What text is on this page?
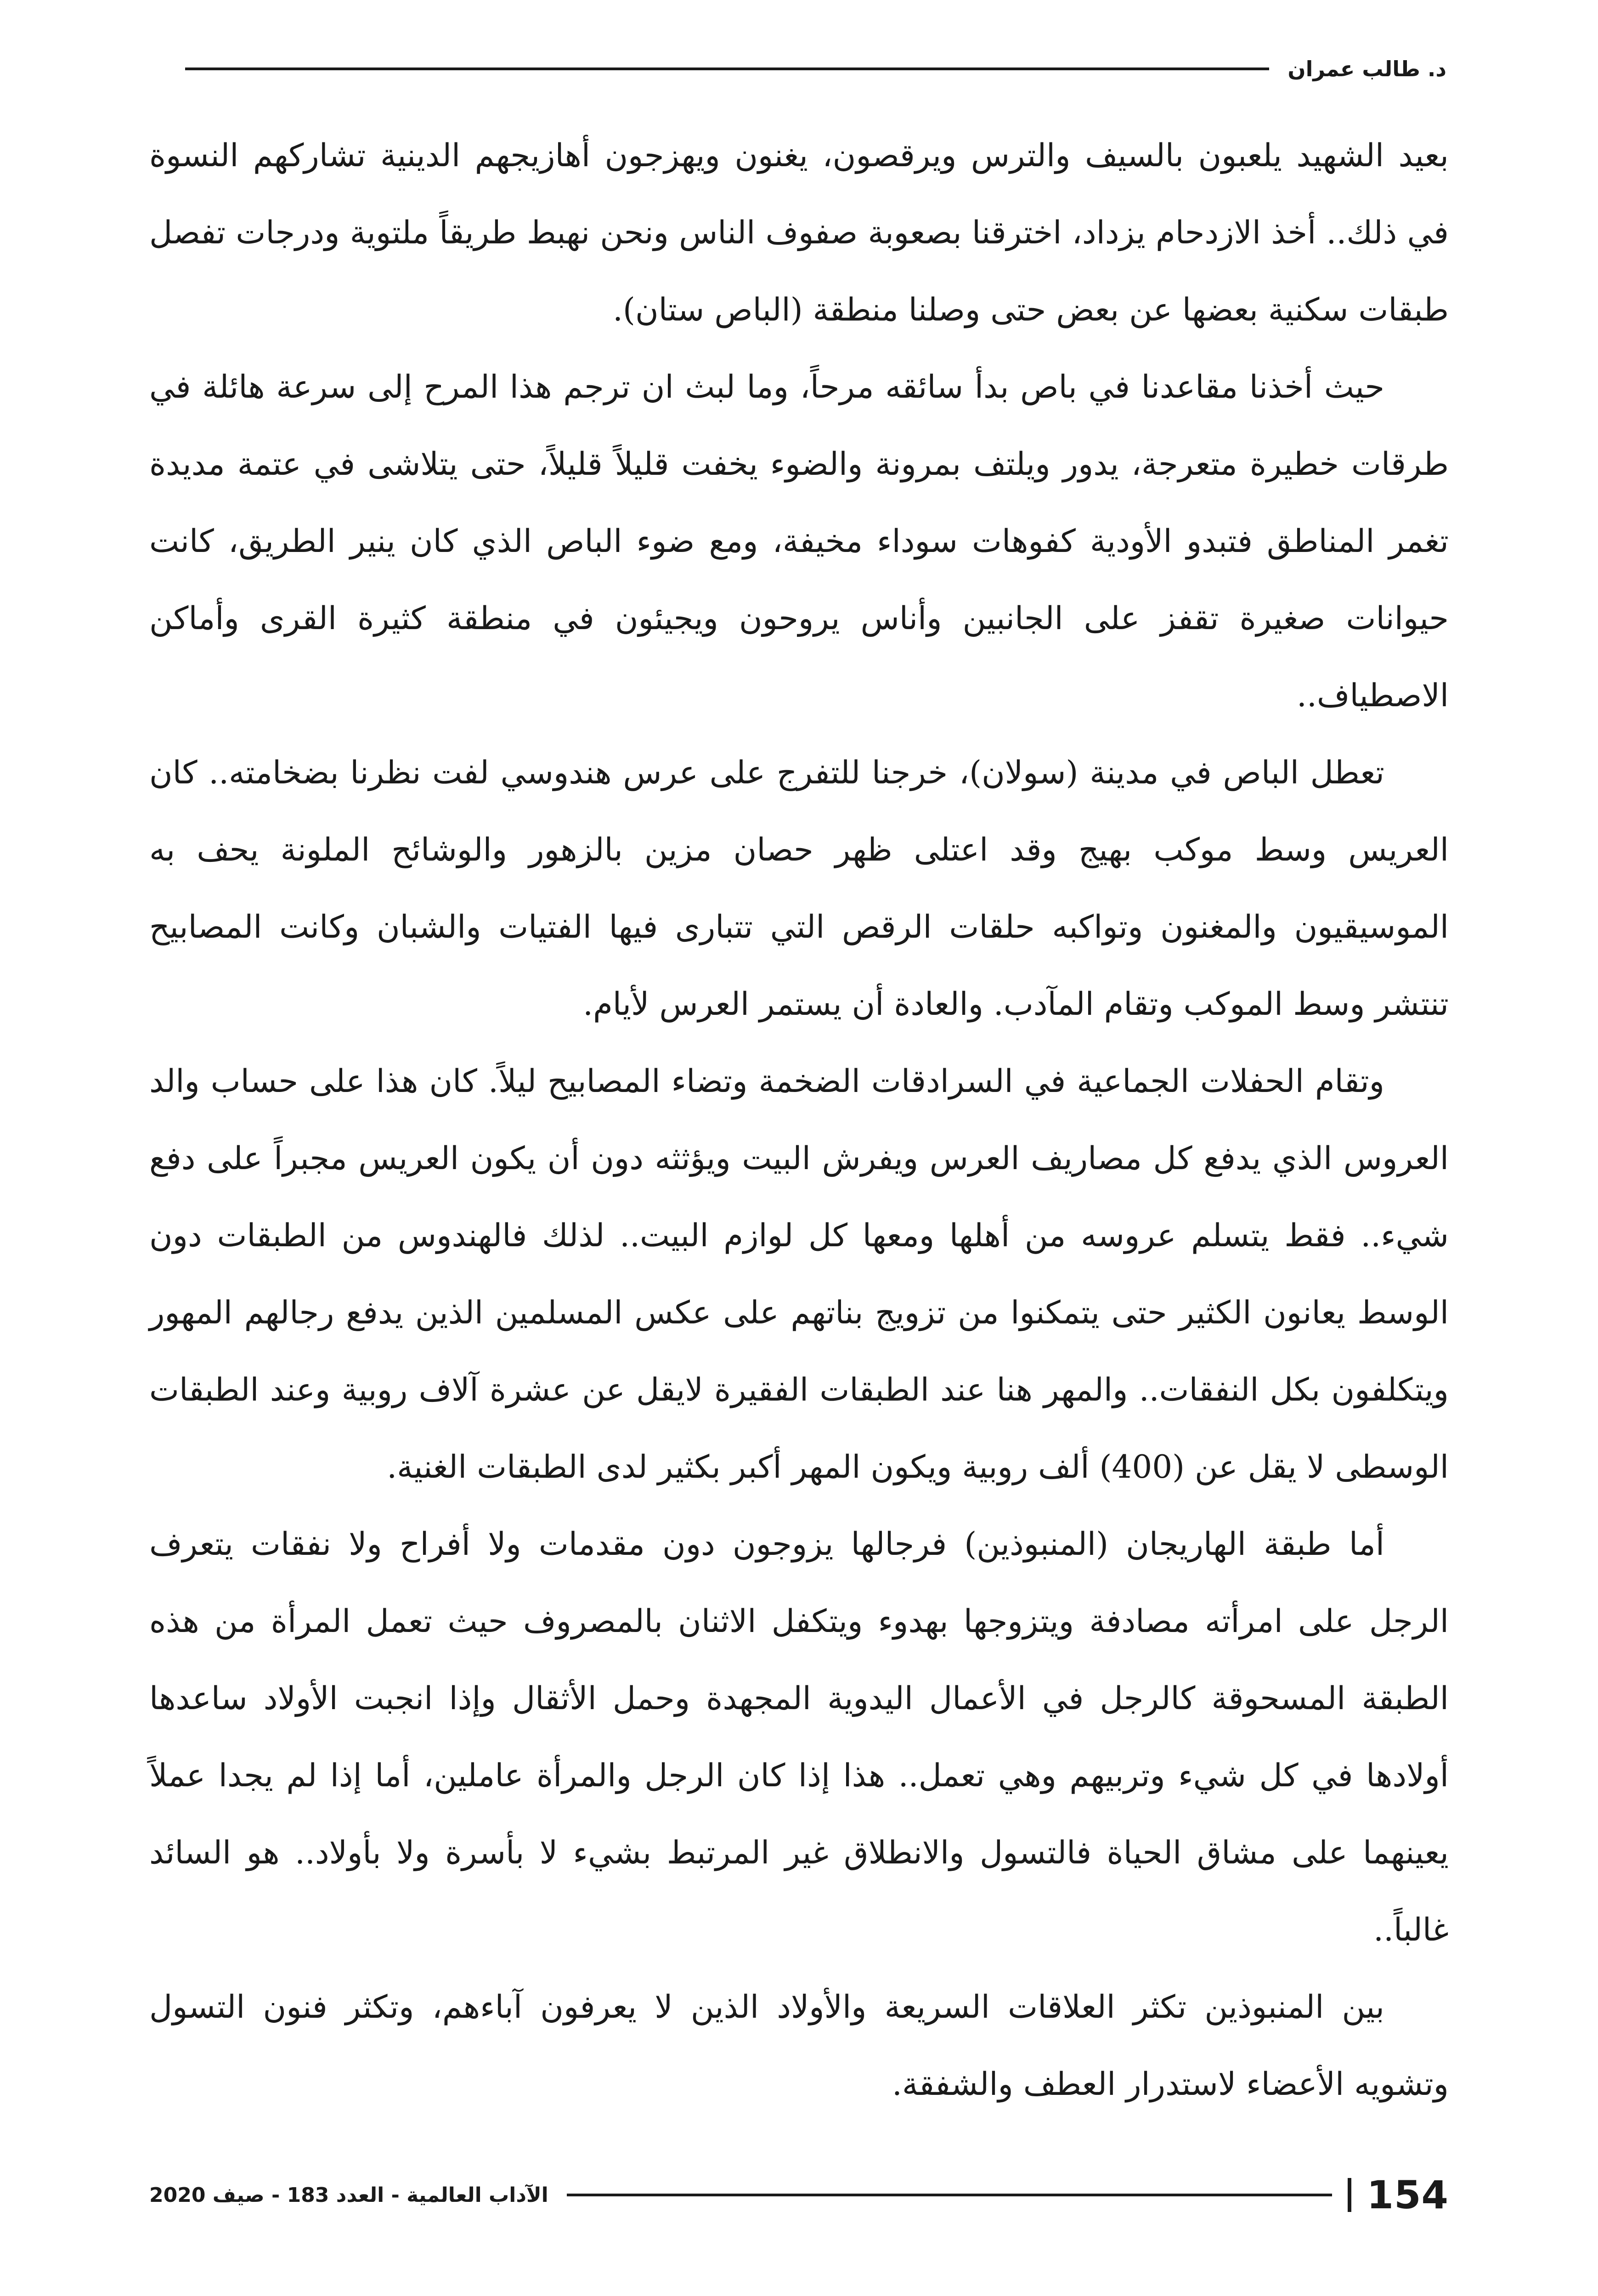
د. طالب عمران

بعيد الشهيد يلعبون بالسيف والترس ويرقصون، يغنون ويهزجون أهازيجهم الدينية تشاركهم النسوة في ذلك.. أخذ الازدحام يزداد، اخترقنا بصعوبة صفوف الناس ونحن نهبط طريقاً ملتوية ودرجات تفصل طبقات سكنية بعضها عن بعض حتى وصلنا منطقة (الباص ستان).

حيث أخذنا مقاعدنا في باص بدأ سائقه مرحاً، وما لبث ان ترجم هذا المرح إلى سرعة هائلة في طرقات خطيرة متعرجة، يدور ويلتف بمرونة والضوء يخفت قليلاً قليلاً، حتى يتلاشى في عتمة مديدة تغمر المناطق فتبدو الأودية كفوهات سوداء مخيفة، ومع ضوء الباص الذي كان ينير الطريق، كانت حيوانات صغيرة تقفز على الجانبين وأناس يروحون ويجيئون في منطقة كثيرة القرى وأماكن الاصطياف..

تعطل الباص في مدينة (سولان)، خرجنا للتفرج على عرس هندوسي لفت نظرنا بضخامته.. كان العريس وسط موكب بهيج وقد اعتلى ظهر حصان مزين بالزهور والوشائح الملونة يحف به الموسيقيون والمغنون وتواكبه حلقات الرقص التي تتبارى فيها الفتيات والشبان وكانت المصابيح تنتشر وسط الموكب وتقام المآدب. والعادة أن يستمر العرس لأيام.

وتقام الحفلات الجماعية في السرادقات الضخمة وتضاء المصابيح ليلاً. كان هذا على حساب والد العروس الذي يدفع كل مصاريف العرس ويفرش البيت ويؤثثه دون أن يكون العريس مجبراً على دفع شيء.. فقط يتسلم عروسه من أهلها ومعها كل لوازم البيت.. لذلك فالهندوس من الطبقات دون الوسط يعانون الكثير حتى يتمكنوا من تزويج بناتهم على عكس المسلمين الذين يدفع رجالهم المهور ويتكلفون بكل النفقات.. والمهر هنا عند الطبقات الفقيرة لايقل عن عشرة آلاف روبية وعند الطبقات الوسطى لا يقل عن (400) ألف روبية ويكون المهر أكبر بكثير لدى الطبقات الغنية.

أما طبقة الهاريجان (المنبوذين) فرجالها يزوجون دون مقدمات ولا أفراح ولا نفقات يتعرف الرجل على امرأته مصادفة ويتزوجها بهدوء ويتكفل الاثنان بالمصروف حيث تعمل المرأة من هذه الطبقة المسحوقة كالرجل في الأعمال اليدوية المجهدة وحمل الأثقال وإذا انجبت الأولاد ساعدها أولادها في كل شيء وتربيهم وهي تعمل.. هذا إذا كان الرجل والمرأة عاملين، أما إذا لم يجدا عملاً يعينهما على مشاق الحياة فالتسول والانطلاق غير المرتبط بشيء لا بأسرة ولا بأولاد.. هو السائد غالباً..

بين المنبوذين تكثر العلاقات السريعة والأولاد الذين لا يعرفون آباءهم، وتكثر فنون التسول وتشويه الأعضاء لاستدرار العطف والشفقة.

154
الآداب العالمية - العدد 183 - صيف 2020
